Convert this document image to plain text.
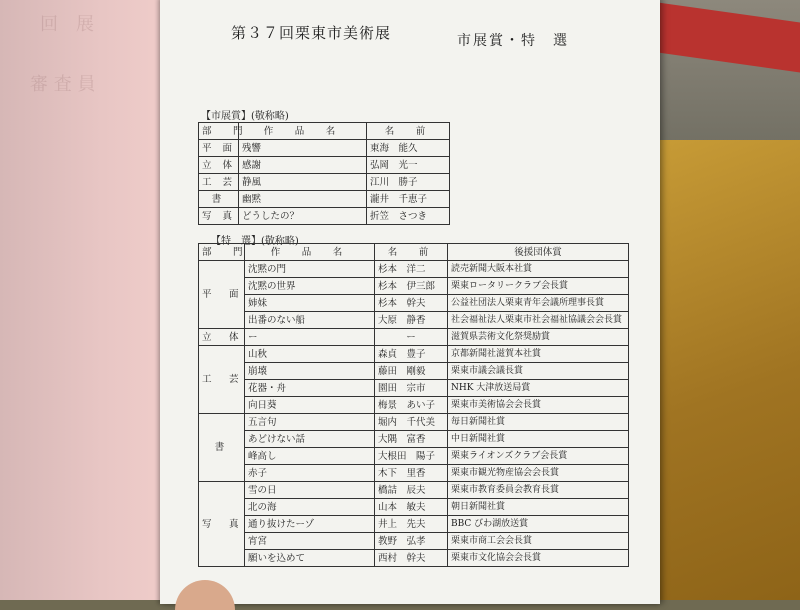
回　展
審 査 員
第３７回栗東市美術展	市展賞・特　選
【市展賞】(敬称略)
部　門	作　品　名	名　前
平 面	残響	東海　能久
立 体	感謝	弘岡　光一
工 芸	静風	江川　勝子
書	幽黙	瀧井　千恵子
写 真	どうしたの？	折笠　さつき
【特　選】(敬称略)
部　門	作　品　名	名　前	後援団体賞
平　面	沈黙の門	杉本　洋二	読売新聞大阪本社賞
	沈黙の世界	杉本　伊三郎	栗東ロータリークラブ会長賞
	姉妹	杉本　幹夫	公益社団法人栗東青年会議所理事長賞
	出番のない船	大原　静香	社会福祉法人栗東市社会福祉協議会会長賞
立　体	ー	ー	滋賀県芸術文化祭奨励賞
工　芸	山秋	森貞　豊子	京都新聞社滋賀本社賞
	崩壊	藤田　剛毅	栗東市議会議長賞
	花器・舟	園田　宗市	NHK 大津放送局賞
	向日葵	梅景　あい子	栗東市美術協会会長賞
書	五言句	堀内　千代美	毎日新聞社賞
	あどけない話	大隅　富香	中日新聞社賞
	峰高し	大根田　陽子	栗東ライオンズクラブ会長賞
	赤子	木下　里香	栗東市観光物産協会会長賞
写　真	雪の日	橋詰　辰夫	栗東市教育委員会教育長賞
	北の海	山本　敏夫	朝日新聞社賞
	通り抜けたーゾ	井上　先夫	BBC びわ湖放送賞
	宵宮	教野　弘孝	栗東市商工会会長賞
	願いを込めて	西村　幹夫	栗東市文化協会会長賞
